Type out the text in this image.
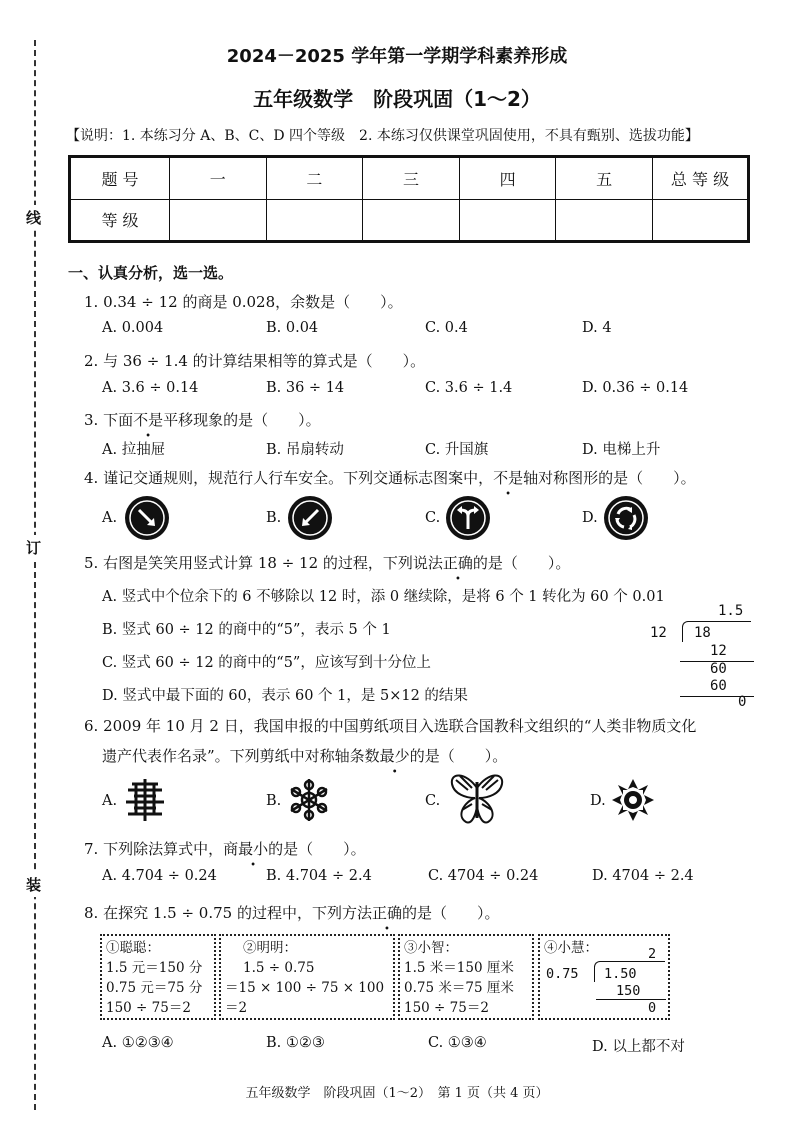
线
订
装
2024－2025 学年第一学期学科素养形成
五年级数学　阶段巩固（1～2）
【说明：1. 本练习分 A、B、C、D 四个等级　2. 本练习仅供课堂巩固使用，不具有甄别、选拔功能】
题 号	一	二	三	四	五	总 等 级
等 级						
一、认真分析，选一选。
1. 0.34 ÷ 12 的商是 0.028，余数是（　　）。
A. 0.004	B. 0.04	C. 0.4	D. 4
2. 与 36 ÷ 1.4 的计算结果相等的算式是（　　）。
A. 3.6 ÷ 0.14	B. 36 ÷ 14	C. 3.6 ÷ 1.4	D. 0.36 ÷ 0.14
3. 下面不是平移现象的是（　　）。
A. 拉抽屉	B. 吊扇转动	C. 升国旗	D. 电梯上升
4. 谨记交通规则，规范行人行车安全。下列交通标志图案中，不是轴对称图形的是（　　）。
A.	B.	C.	D.
5. 右图是笑笑用竖式计算 18 ÷ 12 的过程，下列说法正确的是（　　）。
A. 竖式中个位余下的 6 不够除以 12 时，添 0 继续除，是将 6 个 1 转化为 60 个 0.01
B. 竖式 60 ÷ 12 的商中的“5”，表示 5 个 1
C. 竖式 60 ÷ 12 的商中的“5”，应该写到十分位上
D. 竖式中最下面的 60，表示 60 个 1，是 5×12 的结果
1.5
12 18
12
60
60
0
6. 2009 年 10 月 2 日，我国申报的中国剪纸项目入选联合国教科文组织的“人类非物质文化
遗产代表作名录”。下列剪纸中对称轴条数最少的是（　　）。
A.	B.	C.	D.
7. 下列除法算式中，商最小的是（　　）。
A. 4.704 ÷ 0.24	B. 4.704 ÷ 2.4	C. 4704 ÷ 0.24	D. 4704 ÷ 2.4
8. 在探究 1.5 ÷ 0.75 的过程中，下列方法正确的是（　　）。
①聪聪：
1.5 元＝150 分
0.75 元＝75 分
150 ÷ 75＝2
②明明：
1.5 ÷ 0.75
＝15 × 100 ÷ 75 × 100
＝2
③小智：
1.5 米＝150 厘米
0.75 米＝75 厘米
150 ÷ 75＝2
④小慧：	2
0.75 1.50
150
0
A. ①②③④	B. ①②③	C. ①③④	D. 以上都不对
五年级数学　阶段巩固（1～2）　第 1 页（共 4 页）
